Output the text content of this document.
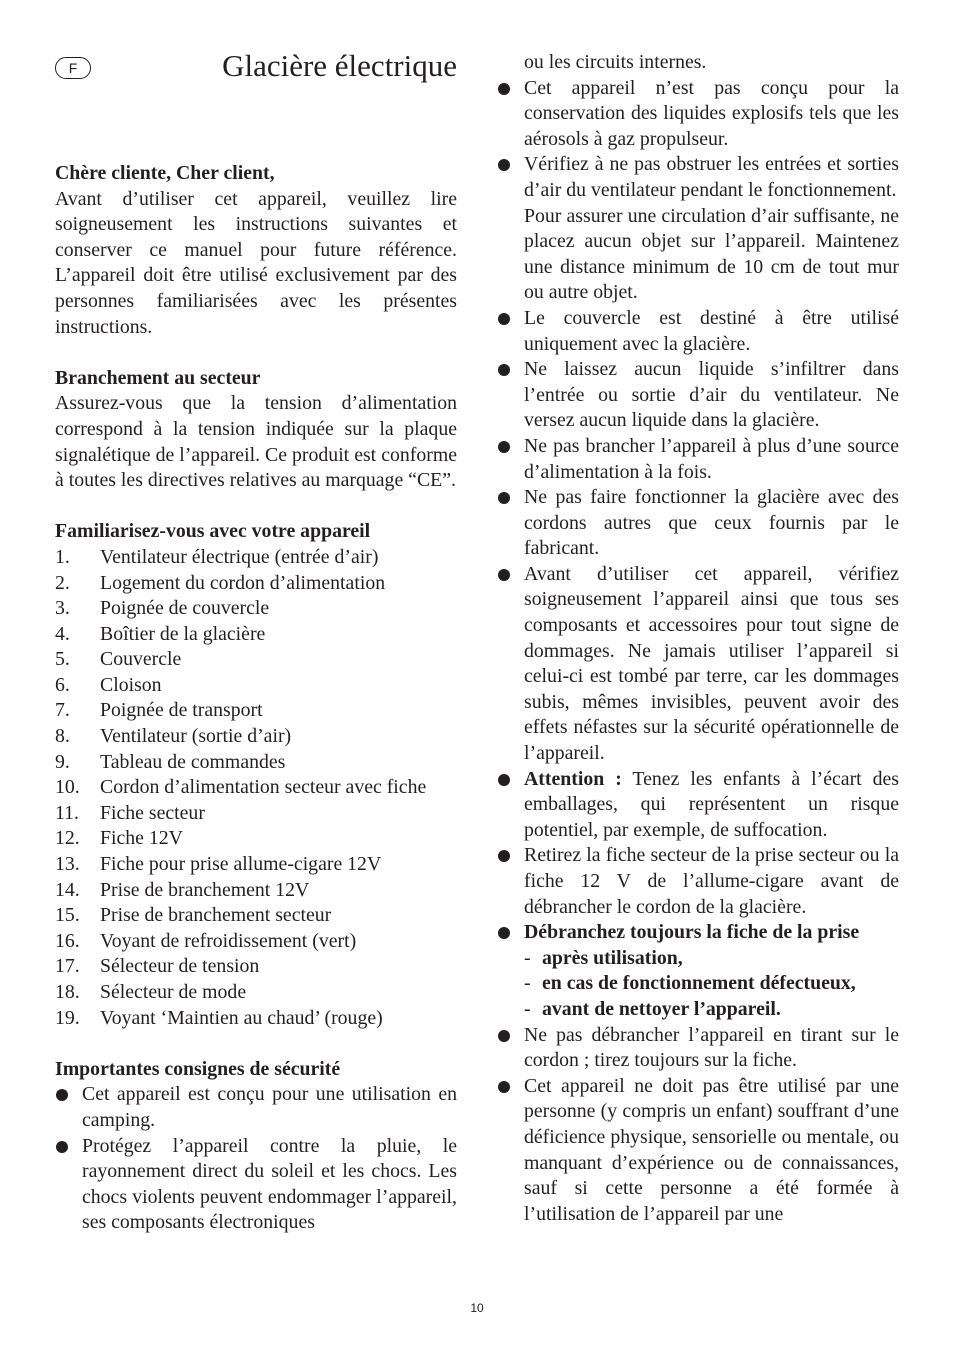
F	Glacière électrique
Chère cliente, Cher client,

Avant d’utiliser cet appareil, veuillez lire soigneusement les instructions suivantes et conserver ce manuel pour future référence. L’appareil doit être utilisé exclusivement par des personnes familiarisées avec les présentes instructions.

Branchement au secteur

Assurez-vous que la tension d’alimentation correspond à la tension indiquée sur la plaque signalétique de l’appareil. Ce produit est conforme à toutes les directives relatives au marquage “CE”.

Familiarisez-vous avec votre appareil
1. Ventilateur électrique (entrée d’air)
2. Logement du cordon d’alimentation
3. Poignée de couvercle
4. Boîtier de la glacière
5. Couvercle
6. Cloison
7. Poignée de transport
8. Ventilateur (sortie d’air)
9. Tableau de commandes
10. Cordon d’alimentation secteur avec fiche
11. Fiche secteur
12. Fiche 12V
13. Fiche pour prise allume-cigare 12V
14. Prise de branchement 12V
15. Prise de branchement secteur
16. Voyant de refroidissement (vert)
17. Sélecteur de tension
18. Sélecteur de mode
19. Voyant ‘Maintien au chaud’ (rouge)
Importantes consignes de sécurité
Cet appareil est conçu pour une utilisation en camping.
Protégez l’appareil contre la pluie, le rayonnement direct du soleil et les chocs. Les chocs violents peuvent endommager l’appareil, ses composants électroniques
ou les circuits internes.
Cet appareil n’est pas conçu pour la conservation des liquides explosifs tels que les aérosols à gaz propulseur.
Vérifiez à ne pas obstruer les entrées et sorties d’air du ventilateur pendant le fonctionnement.
Pour assurer une circulation d’air suffisante, ne placez aucun objet sur l’appareil. Maintenez une distance minimum de 10 cm de tout mur ou autre objet.
Le couvercle est destiné à être utilisé uniquement avec la glacière.
Ne laissez aucun liquide s’infiltrer dans l’entrée ou sortie d’air du ventilateur. Ne versez aucun liquide dans la glacière.
Ne pas brancher l’appareil à plus d’une source d’alimentation à la fois.
Ne pas faire fonctionner la glacière avec des cordons autres que ceux fournis par le fabricant.
Avant d’utiliser cet appareil, vérifiez soigneusement l’appareil ainsi que tous ses composants et accessoires pour tout signe de dommages. Ne jamais utiliser l’appareil si celui-ci est tombé par terre, car les dommages subis, mêmes invisibles, peuvent avoir des effets néfastes sur la sécurité opérationnelle de l’appareil.
Attention : Tenez les enfants à l’écart des emballages, qui représentent un risque potentiel, par exemple, de suffocation.
Retirez la fiche secteur de la prise secteur ou la fiche 12 V de l’allume-cigare avant de débrancher le cordon de la glacière.
Débranchez toujours la fiche de la prise
- après utilisation,
- en cas de fonctionnement défectueux,
- avant de nettoyer l’appareil.
Ne pas débrancher l’appareil en tirant sur le cordon ; tirez toujours sur la fiche.
Cet appareil ne doit pas être utilisé par une personne (y compris un enfant) souffrant d’une déficience physique, sensorielle ou mentale, ou manquant d’expérience ou de connaissances, sauf si cette personne a été formée à l’utilisation de l’appareil par une
10
